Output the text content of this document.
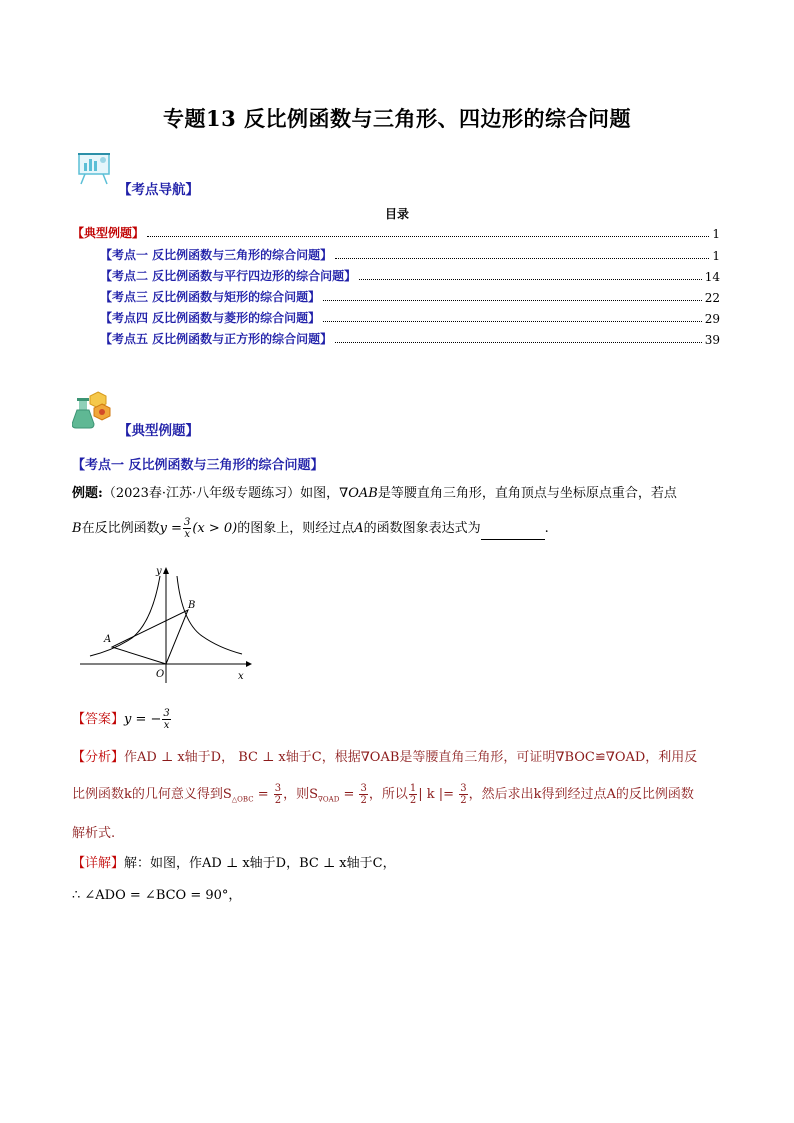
专题13 反比例函数与三角形、四边形的综合问题
【考点导航】
目录
【典型例题】	1
【考点一 反比例函数与三角形的综合问题】	1
【考点二 反比例函数与平行四边形的综合问题】	14
【考点三 反比例函数与矩形的综合问题】	22
【考点四 反比例函数与菱形的综合问题】	29
【考点五 反比例函数与正方形的综合问题】	39
【典型例题】
【考点一 反比例函数与三角形的综合问题】
例题:（2023春·江苏·八年级专题练习）如图，∇OAB是等腰直角三角形，直角顶点与坐标原点重合，若点
B在反比例函数$y = \frac{3}{x} (x > 0)$的图象上，则经过点A的函数图象表达式为	.
O	x
y
A
B
【答案】y = − $\frac{3}{x}$
【分析】作AD ⊥ x轴于D， BC ⊥ x轴于C，根据∇OAB是等腰直角三角形，可证明∇BOC≌∇OAD，利用反
比例函数k的几何意义得到$S_{\triangle OBC} = \frac{3}{2}$ ，则$S_{\nabla OAD} = \frac{3}{2}$ ，所以 $\frac{1}{2}$ | k |= $\frac{3}{2}$ ，然后求出k得到经过点A的反比例函数
解析式.
【详解】解：如图，作AD ⊥ x轴于D，BC ⊥ x轴于C，
∴ ∠ADO = ∠BCO = 90°，
